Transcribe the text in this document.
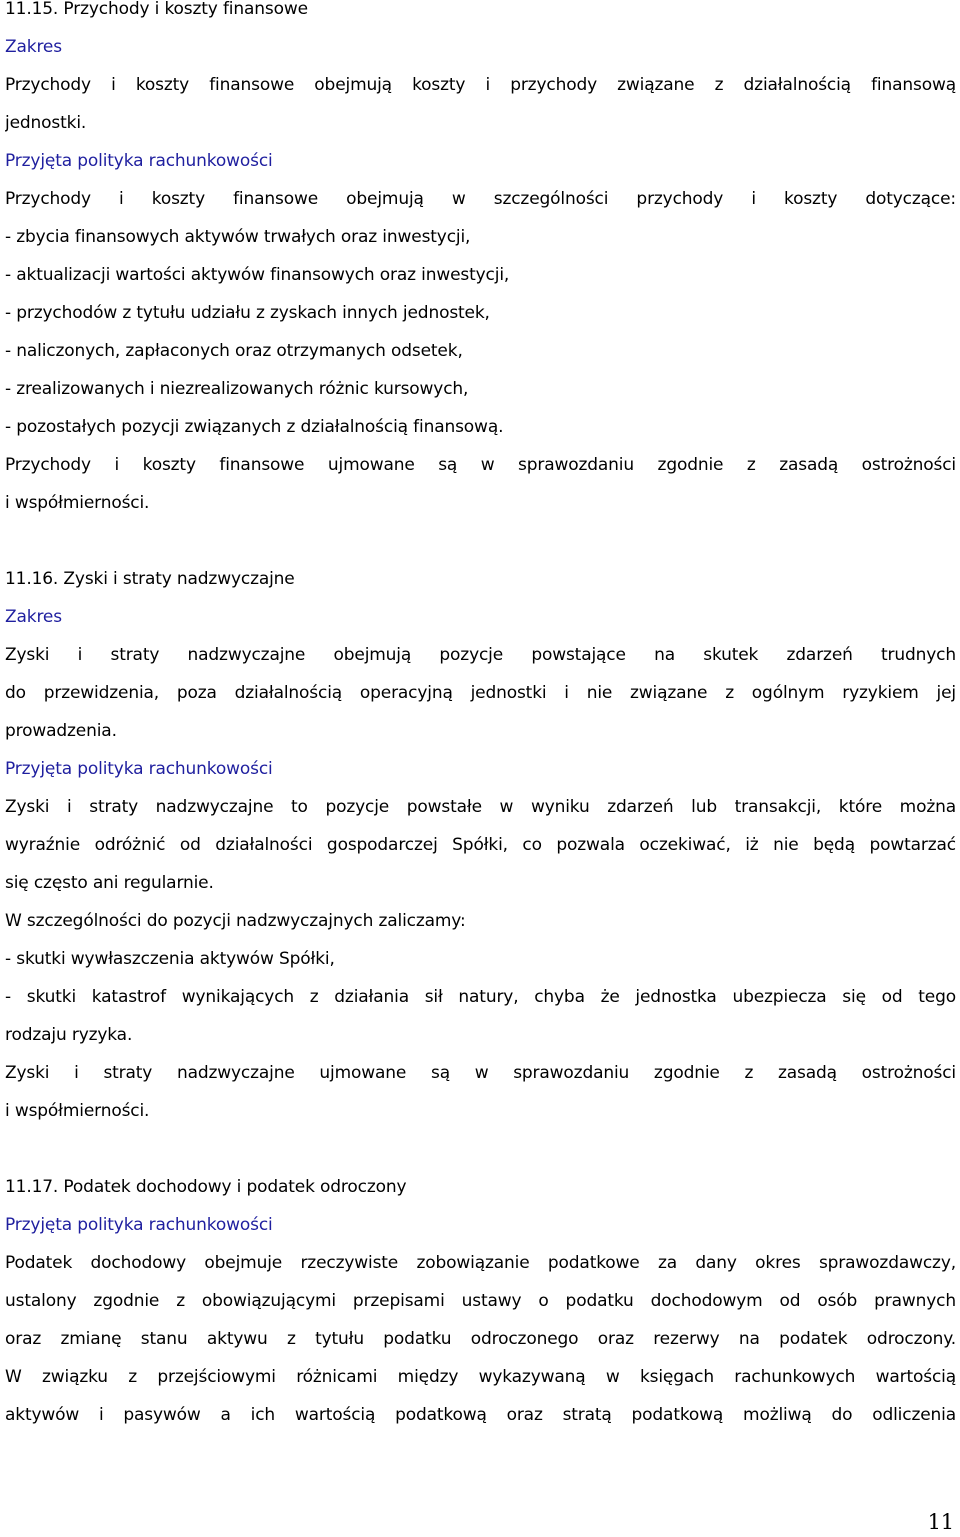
11.15. Przychody i koszty finansowe
Zakres
Przychody i koszty finansowe obejmują koszty i przychody związane z działalnością finansową
jednostki.
Przyjęta polityka rachunkowości
Przychody i koszty finansowe obejmują w szczególności przychody i koszty dotyczące:
- zbycia finansowych aktywów trwałych oraz inwestycji,
- aktualizacji wartości aktywów finansowych oraz inwestycji,
- przychodów z tytułu udziału z zyskach innych jednostek,
- naliczonych, zapłaconych oraz otrzymanych odsetek,
- zrealizowanych i niezrealizowanych różnic kursowych,
- pozostałych pozycji związanych z działalnością finansową.
Przychody i koszty finansowe ujmowane są w sprawozdaniu zgodnie z zasadą ostrożności
i współmierności.
11.16. Zyski i straty nadzwyczajne
Zakres
Zyski i straty nadzwyczajne obejmują pozycje powstające na skutek zdarzeń trudnych
do przewidzenia, poza działalnością operacyjną jednostki i nie związane z ogólnym ryzykiem jej
prowadzenia.
Przyjęta polityka rachunkowości
Zyski i straty nadzwyczajne to pozycje powstałe w wyniku zdarzeń lub transakcji, które można
wyraźnie odróżnić od działalności gospodarczej Spółki, co pozwala oczekiwać, iż nie będą powtarzać
się często ani regularnie.
W szczególności do pozycji nadzwyczajnych zaliczamy:
- skutki wywłaszczenia aktywów Spółki,
- skutki katastrof wynikających z działania sił natury, chyba że jednostka ubezpiecza się od tego
rodzaju ryzyka.
Zyski i straty nadzwyczajne ujmowane są w sprawozdaniu zgodnie z zasadą ostrożności
i współmierności.
11.17. Podatek dochodowy i podatek odroczony
Przyjęta polityka rachunkowości
Podatek dochodowy obejmuje rzeczywiste zobowiązanie podatkowe za dany okres sprawozdawczy,
ustalony zgodnie z obowiązującymi przepisami ustawy o podatku dochodowym od osób prawnych
oraz zmianę stanu aktywu z tytułu podatku odroczonego oraz rezerwy na podatek odroczony.
W związku z przejściowymi różnicami między wykazywaną w księgach rachunkowych wartością
aktywów i pasywów a ich wartością podatkową oraz stratą podatkową możliwą do odliczenia
11
